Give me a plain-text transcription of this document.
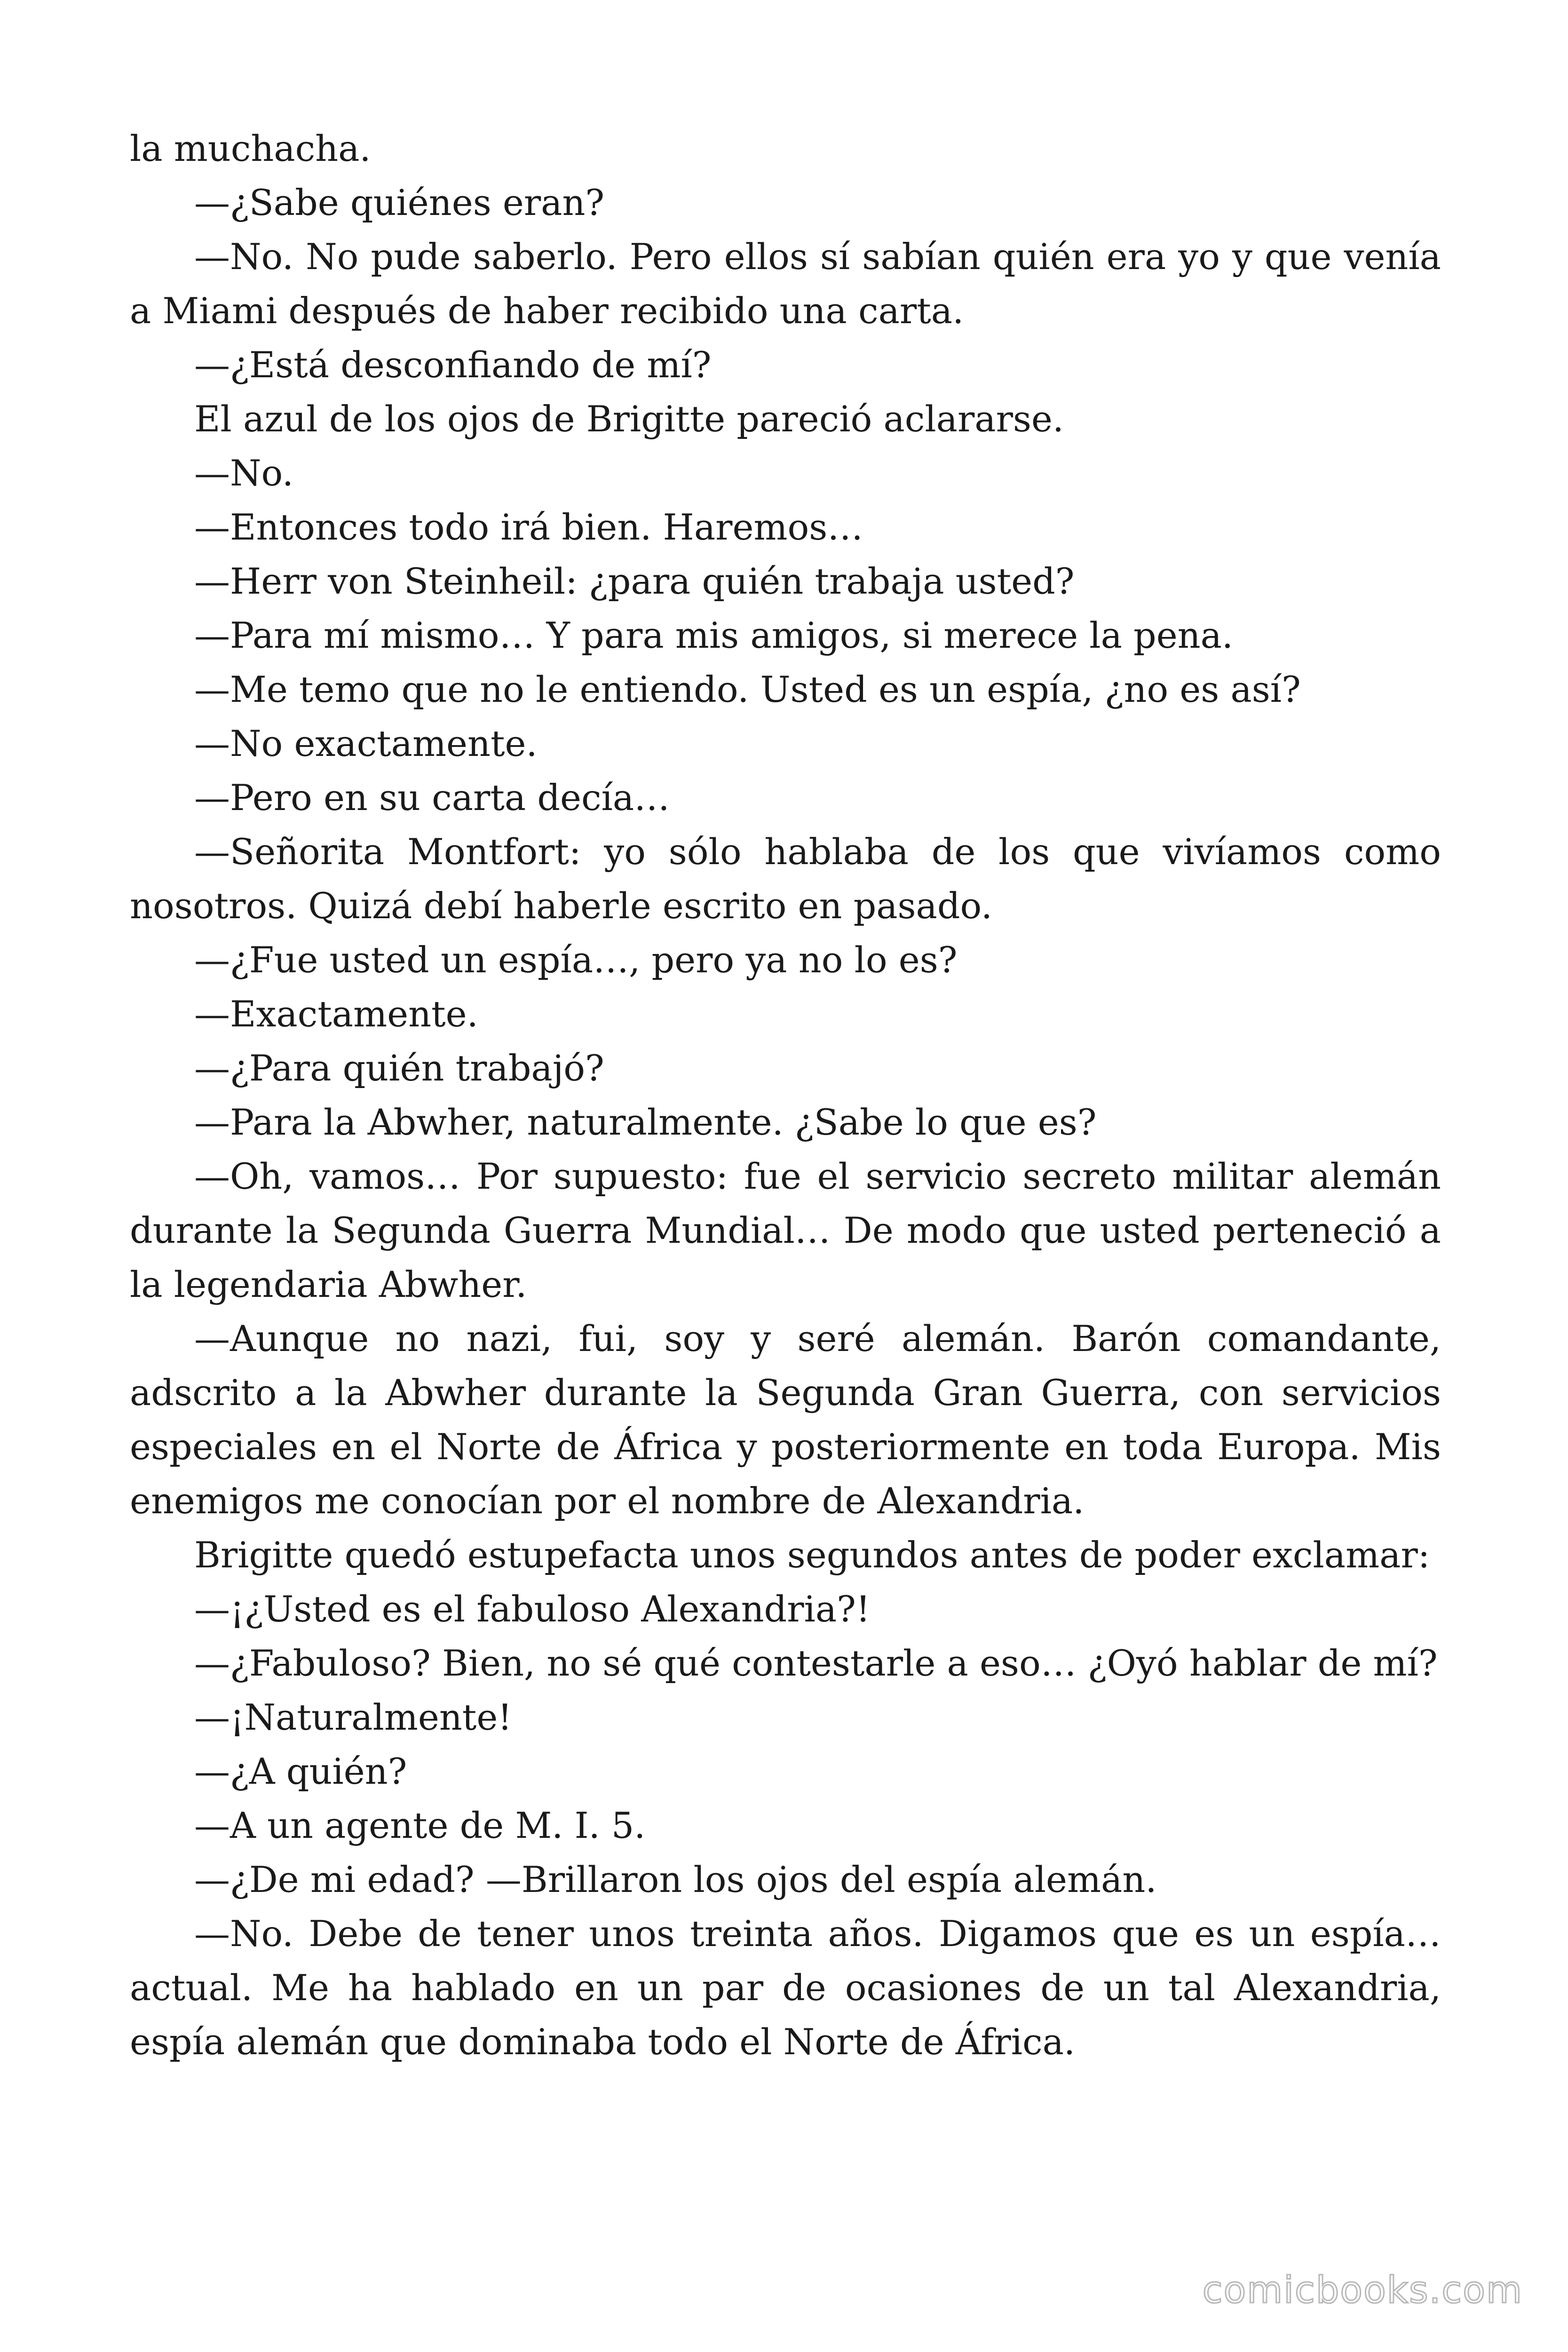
la muchacha.

—¿Sabe quiénes eran?

—No. No pude saberlo. Pero ellos sí sabían quién era yo y que venía a Miami después de haber recibido una carta.

—¿Está desconfiando de mí?

El azul de los ojos de Brigitte pareció aclararse.

—No.

—Entonces todo irá bien. Haremos…

—Herr von Steinheil: ¿para quién trabaja usted?

—Para mí mismo… Y para mis amigos, si merece la pena.

—Me temo que no le entiendo. Usted es un espía, ¿no es así?

—No exactamente.

—Pero en su carta decía…

—Señorita Montfort: yo sólo hablaba de los que vivíamos como nosotros. Quizá debí haberle escrito en pasado.

—¿Fue usted un espía…, pero ya no lo es?

—Exactamente.

—¿Para quién trabajó?

—Para la Abwher, naturalmente. ¿Sabe lo que es?

—Oh, vamos… Por supuesto: fue el servicio secreto militar alemán durante la Segunda Guerra Mundial… De modo que usted perteneció a la legendaria Abwher.

—Aunque no nazi, fui, soy y seré alemán. Barón comandante, adscrito a la Abwher durante la Segunda Gran Guerra, con servicios especiales en el Norte de África y posteriormente en toda Europa. Mis enemigos me conocían por el nombre de Alexandria.

Brigitte quedó estupefacta unos segundos antes de poder exclamar:

—¡¿Usted es el fabuloso Alexandria?!

—¿Fabuloso? Bien, no sé qué contestarle a eso… ¿Oyó hablar de mí?

—¡Naturalmente!

—¿A quién?

—A un agente de M. I. 5.

—¿De mi edad? —Brillaron los ojos del espía alemán.

—No. Debe de tener unos treinta años. Digamos que es un espía… actual. Me ha hablado en un par de ocasiones de un tal Alexandria, espía alemán que dominaba todo el Norte de África.

comicbooks.com
